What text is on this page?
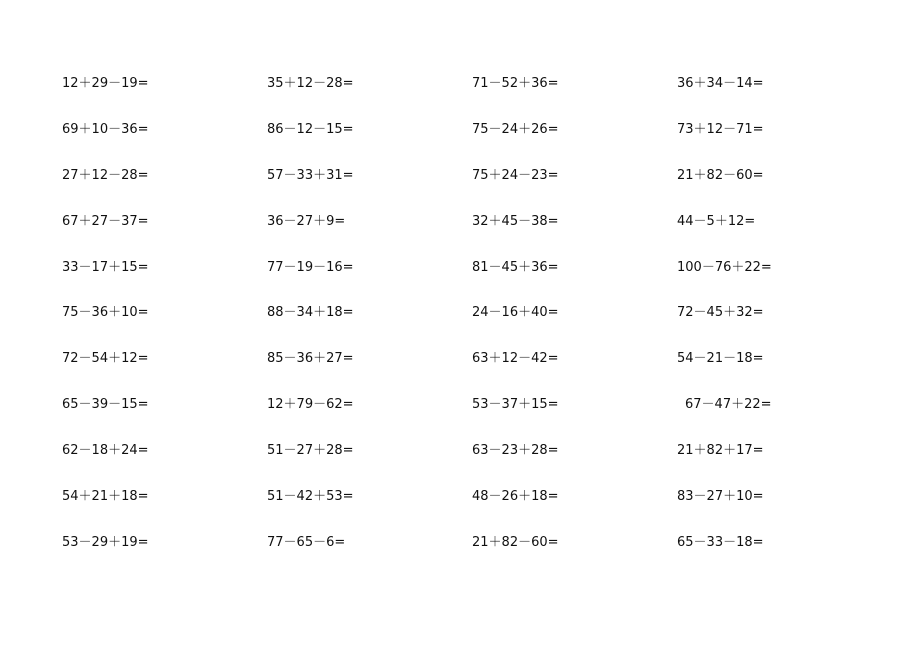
12＋29－19=	35＋12－28=	71－52＋36=	36＋34－14=
69＋10－36=	86－12－15=	75－24＋26=	73＋12－71=
27＋12－28=	57－33＋31=	75＋24－23=	21＋82－60=
67＋27－37=	36－27＋9=	32＋45－38=	44－5＋12=
33－17＋15=	77－19－16=	81－45＋36=	100－76＋22=
75－36＋10=	88－34＋18=	24－16＋40=	72－45＋32=
72－54＋12=	85－36＋27=	63＋12－42=	54－21－18=
65－39－15=	12＋79－62=	53－37＋15=	67－47＋22=
62－18＋24=	51－27＋28=	63－23＋28=	21＋82＋17=
54＋21＋18=	51－42＋53=	48－26＋18=	83－27＋10=
53－29＋19=	77－65－6=	21＋82－60=	65－33－18=
